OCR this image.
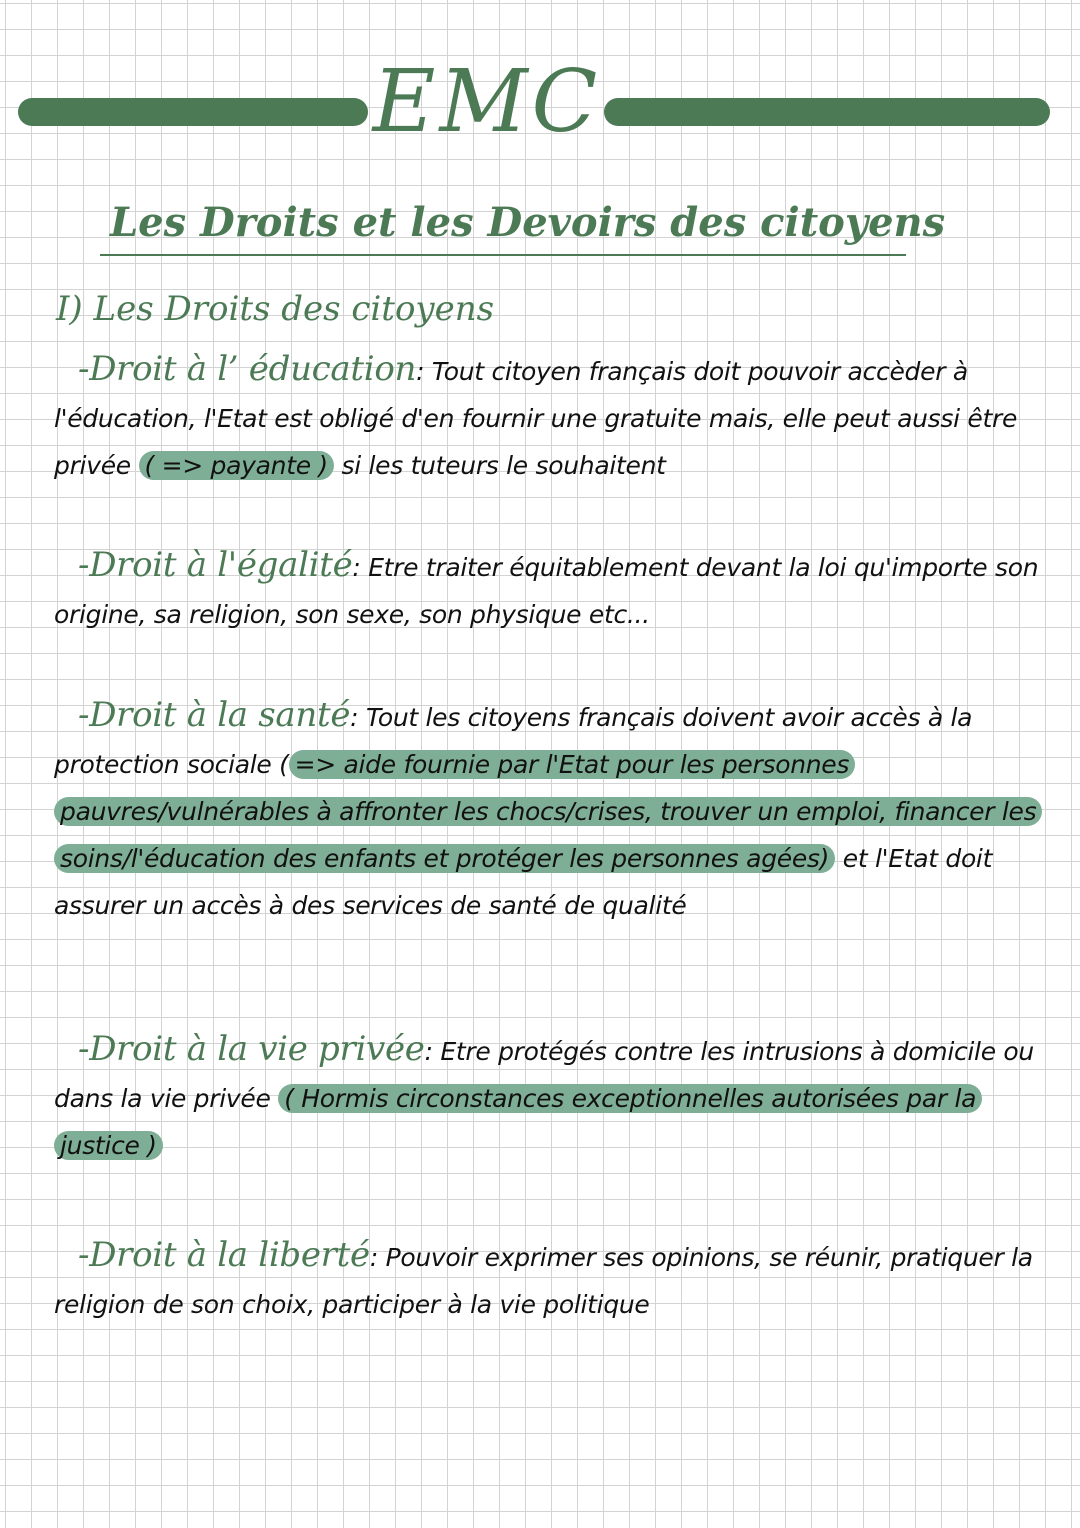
EMC
Les Droits et les Devoirs des citoyens
I) Les Droits des citoyens
-Droit à l’ éducation: Tout citoyen français doit pouvoir accèder à l'éducation, l'Etat est obligé d'en fournir une gratuite mais, elle peut aussi être privée ( => payante ) si les tuteurs le souhaitent
-Droit à l'égalité: Etre traiter équitablement devant la loi qu'importe son origine, sa religion, son sexe, son physique etc...
-Droit à la santé: Tout les citoyens français doivent avoir accès à la protection sociale ( => aide fournie par l'Etat pour les personnes pauvres/vulnérables à affronter les chocs/crises, trouver un emploi, financer les soins/l'éducation des enfants et protéger les personnes agées) et l'Etat doit assurer un accès à des services de santé de qualité
-Droit à la vie privée: Etre protégés contre les intrusions à domicile ou dans la vie privée ( Hormis circonstances exceptionnelles autorisées par la justice )
-Droit à la liberté: Pouvoir exprimer ses opinions, se réunir, pratiquer la religion de son choix, participer à la vie politique
